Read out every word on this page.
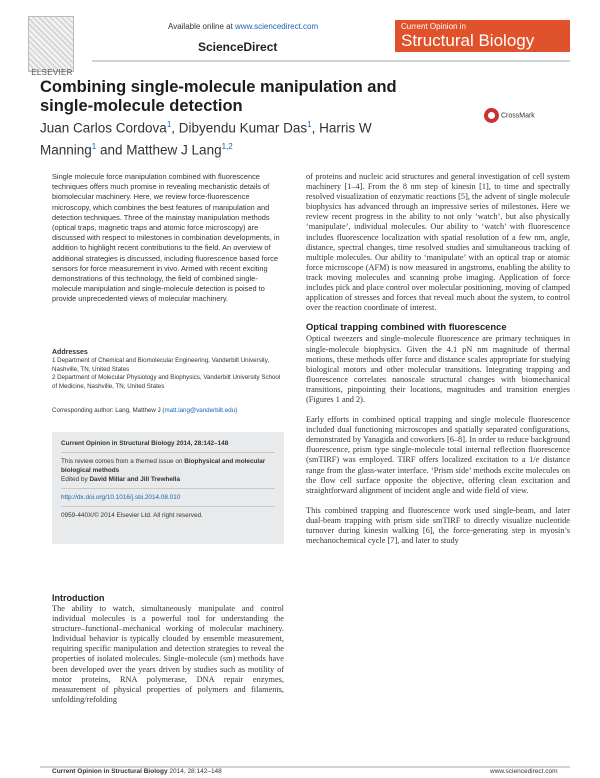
ELSEVIER
Available online at www.sciencedirect.com
ScienceDirect
Current Opinion in
Structural Biology
Combining single-molecule manipulation and single-molecule detection
Juan Carlos Cordova$^1$, Dibyendu Kumar Das$^1$, Harris W Manning$^1$ and Matthew J Lang$^{1,2}$
CrossMark
Single molecule force manipulation combined with fluorescence techniques offers much promise in revealing mechanistic details of biomolecular machinery. Here, we review force-fluorescence microscopy, which combines the best features of manipulation and detection techniques. Three of the mainstay manipulation methods (optical traps, magnetic traps and atomic force microscopy) are discussed with respect to milestones in combination developments, in addition to highlight recent contributions to the field. An overview of additional strategies is discussed, including fluorescence based force sensors for force measurement in vivo. Armed with recent exciting demonstrations of this technology, the field of combined single-molecule manipulation and single-molecule detection is poised to provide unprecedented views of molecular machinery.
Addresses
1 Department of Chemical and Biomolecular Engineering, Vanderbilt University, Nashville, TN, United States
2 Department of Molecular Physiology and Biophysics, Vanderbilt University School of Medicine, Nashville, TN, United States
Corresponding author: Lang, Matthew J (matt.lang@vanderbilt.edu)
Current Opinion in Structural Biology 2014, 28:142–148
This review comes from a themed issue on Biophysical and molecular biological methods
Edited by David Millar and Jill Trewhella
http://dx.doi.org/10.1016/j.sbi.2014.08.010
0959-440X/© 2014 Elsevier Ltd. All right reserved.
Introduction
The ability to watch, simultaneously manipulate and control individual molecules is a powerful tool for understanding the structure–functional–mechanical working of molecular machinery. Individual behavior is typically clouded by ensemble measurement, requiring specific manipulation and detection strategies to reveal the properties of isolated molecules. Single-molecule (sm) methods have been developed over the years driven by studies such as motility of motor proteins, RNA polymerase, DNA repair enzymes, measurement of physical properties of polymers and filaments, unfolding/refolding

of proteins and nucleic acid structures and general investigation of cell system machinery [1–4]. From the 8 nm step of kinesin [1], to time and spectrally resolved visualization of enzymatic reactions [5], the advent of single molecule biophysics has advanced through an impressive series of milestones. Here we review recent progress in the ability to not only ‘watch’, but also physically ‘manipulate’, individual molecules. Our ability to ‘watch’ with fluorescence includes fluorescence localization with spatial resolution of a few nm, angle, distance, spectral changes, time resolved studies and simultaneous tracking of multiple molecules. Our ability to ‘manipulate’ with an optical trap or atomic force microscope (AFM) is now measured in angstroms, enabling the ability to track moving molecules and scanning probe imaging. Application of force includes pick and place control over molecular positioning, moving of clamped application of stresses and forces that reveal much about the system, to control over the reaction coordinate of interest.

Optical trapping combined with fluorescence

Optical tweezers and single-molecule fluorescence are primary techniques in single-molecule biophysics. Given the 4.1 pN nm magnitude of thermal motions, these methods offer force and distance scales appropriate for studying biological motors and other molecular transitions. Integrating trapping and fluorescence correlates nanoscale structural changes with biomechanical transitions, pinpointing their locations, magnitudes and transition energies (Figures 1 and 2).

Early efforts in combined optical trapping and single molecule fluorescence included dual functioning microscopes and spatially separated configurations, demonstrated by Yanagida and coworkers [6–8]. In order to reduce background fluorescence, prism type single-molecule total internal reflection fluorescence (smTIRF) was employed. TIRF offers localized excitation to a 1/e distance range from the glass-water interface. ‘Prism side’ methods excite molecules on the flow cell surface opposite the objective, offering clean excitation and straightforward alignment of incident angle and wide field of view.

This combined trapping and fluorescence work used single-beam, and later dual-beam trapping with prism side smTIRF to directly visualize nucleotide turnover during kinesin walking [6], the force-generating step in myosin’s mechanochemical cycle [7], and later to study

Current Opinion in Structural Biology 2014, 28:142–148	www.sciencedirect.com
